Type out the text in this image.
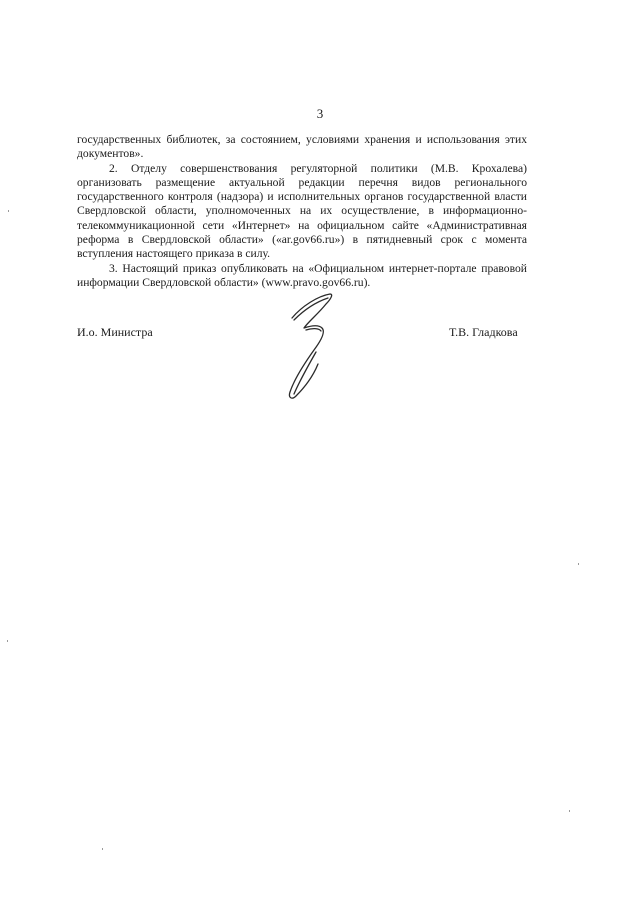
3

государственных библиотек, за состоянием, условиями хранения и использования этих документов».

2. Отделу совершенствования регуляторной политики (М.В. Крохалева) организовать размещение актуальной редакции перечня видов регионального государственного контроля (надзора) и исполнительных органов государственной власти Свердловской области, уполномоченных на их осуществление, в информационно-телекоммуникационной сети «Интернет» на официальном сайте «Административная реформа в Свердловской области» («ar.gov66.ru») в пятидневный срок с момента вступления настоящего приказа в силу.

3. Настоящий приказ опубликовать на «Официальном интернет-портале правовой информации Свердловской области» (www.pravo.gov66.ru).

И.о. Министра	Т.В. Гладкова
